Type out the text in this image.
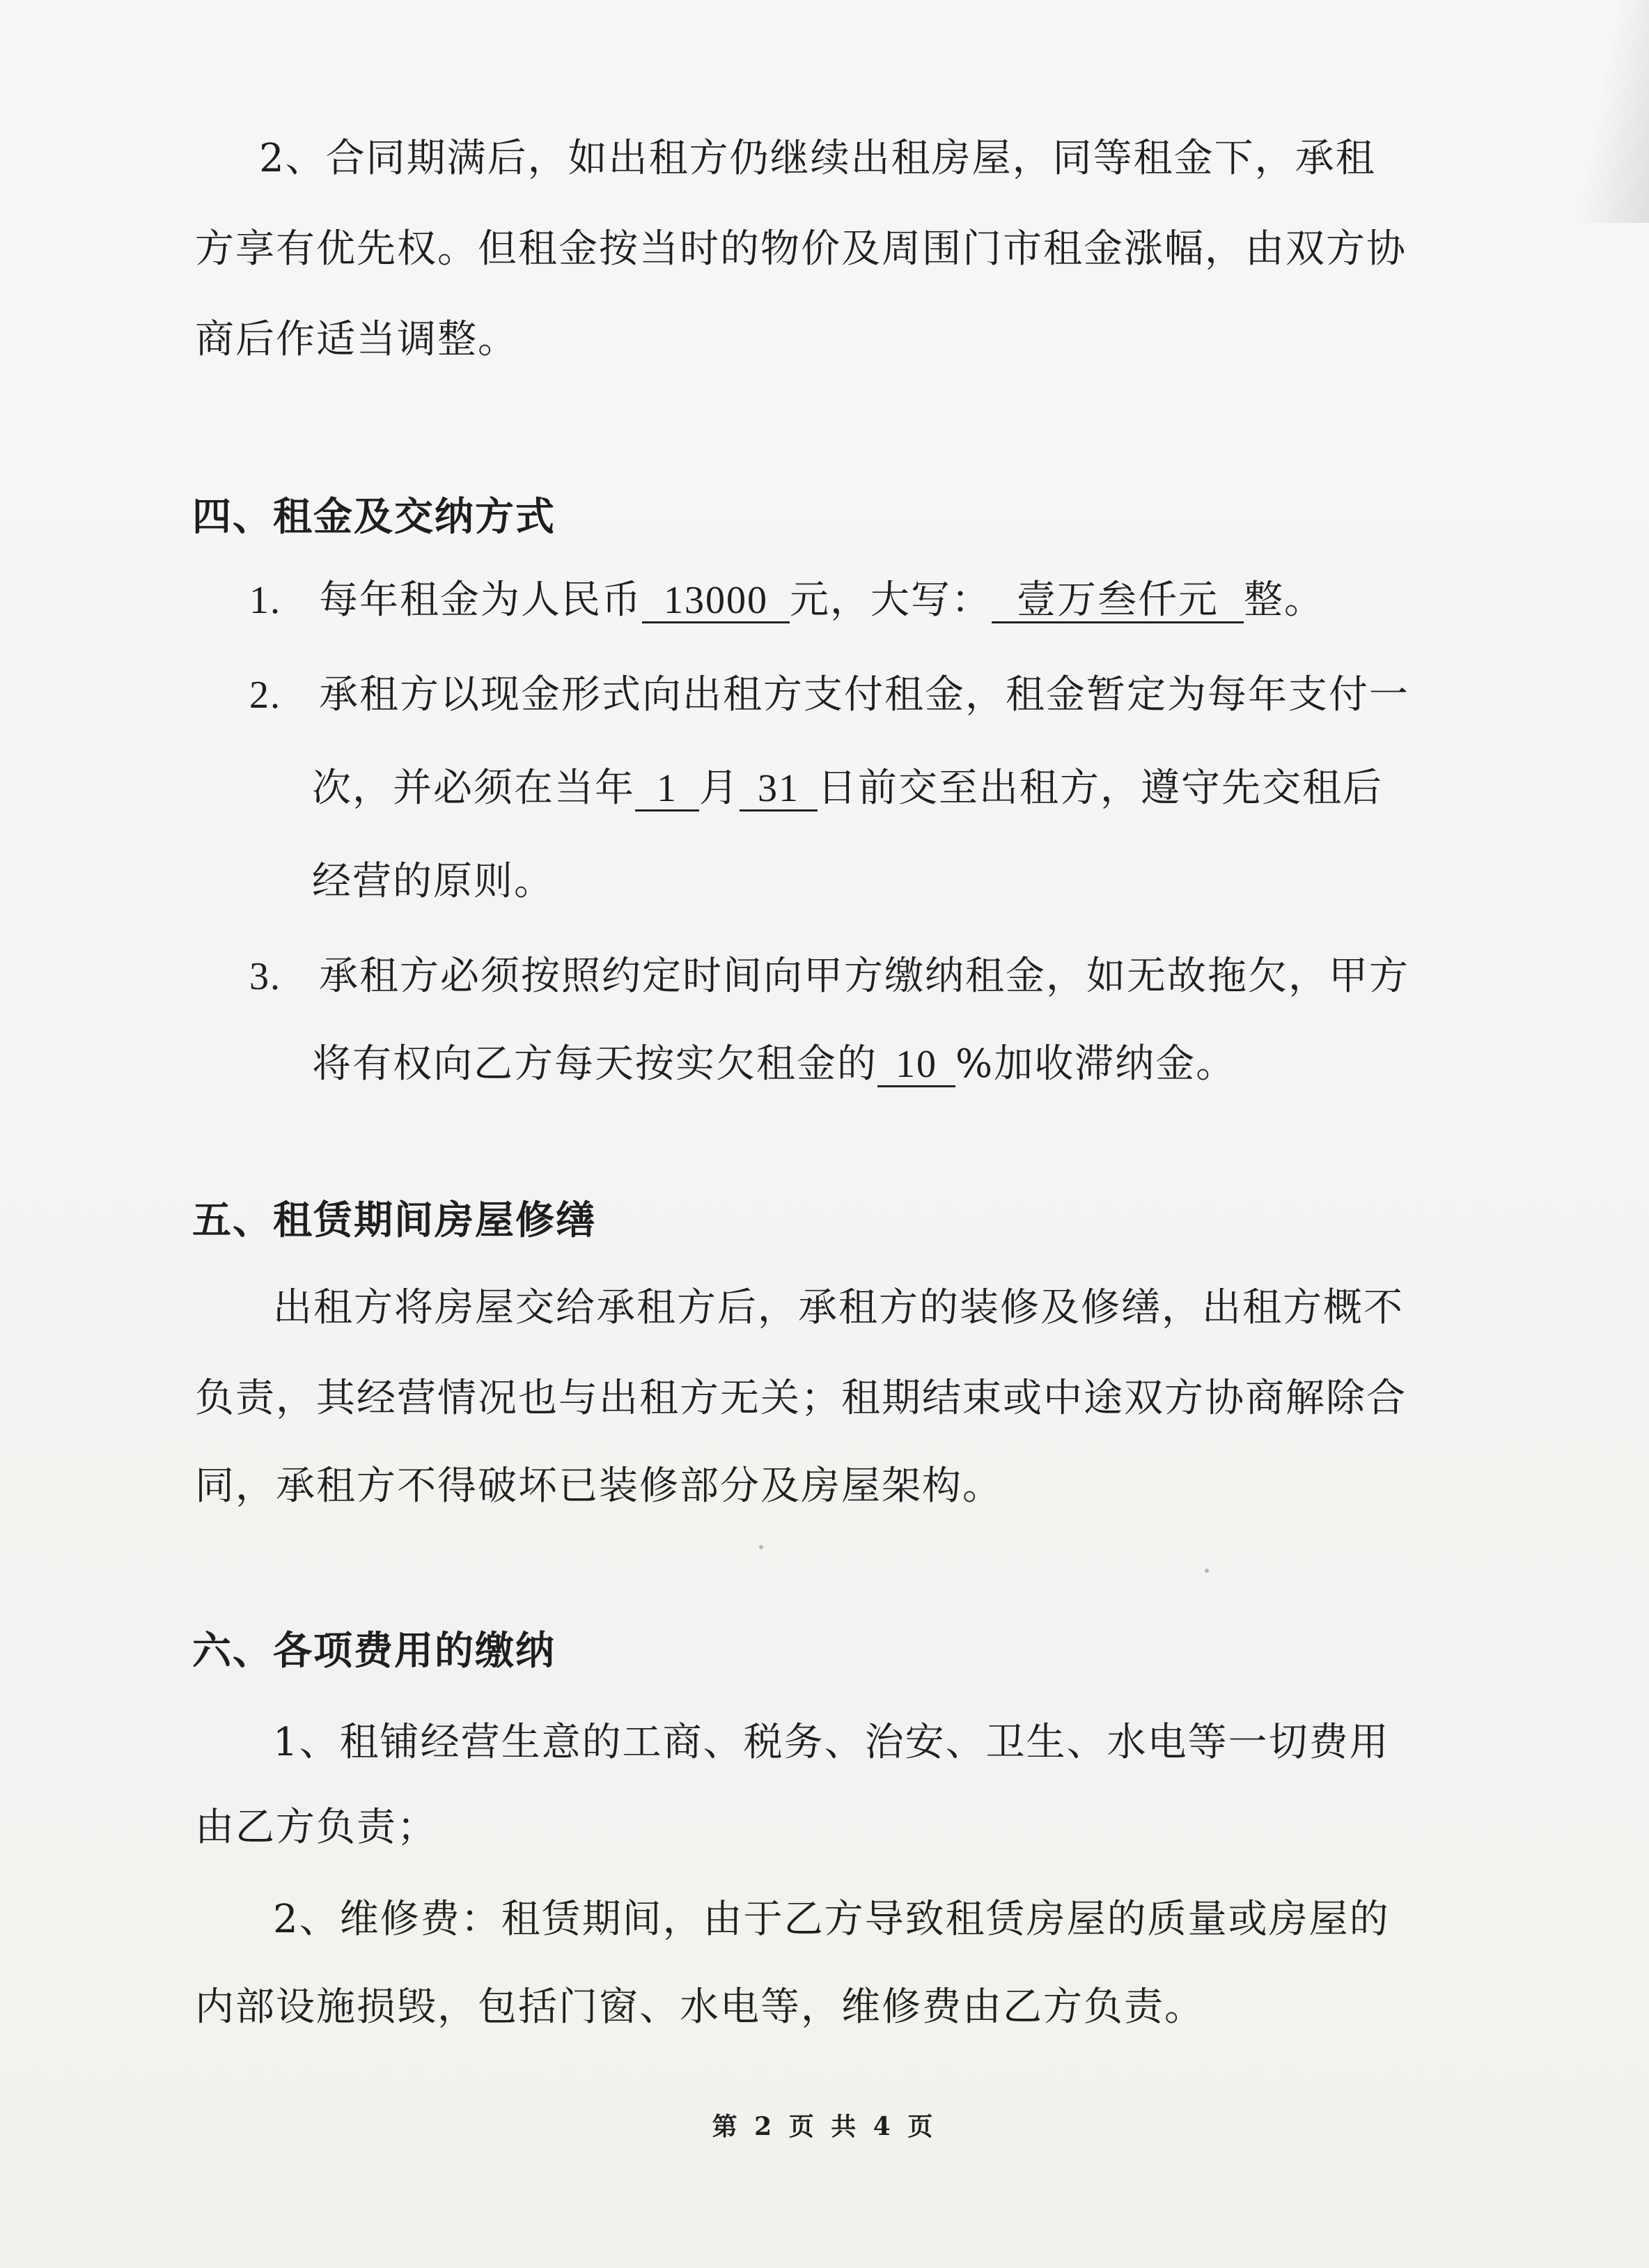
2、合同期满后，如出租方仍继续出租房屋，同等租金下，承租
方享有优先权。但租金按当时的物价及周围门市租金涨幅，由双方协
商后作适当调整。
四、租金及交纳方式
1. 每年租金为人民币 13000 元，大写： 壹万叁仟元 整。
2. 承租方以现金形式向出租方支付租金，租金暂定为每年支付一
次，并必须在当年 1 月 31 日前交至出租方，遵守先交租后
经营的原则。
3. 承租方必须按照约定时间向甲方缴纳租金，如无故拖欠，甲方
将有权向乙方每天按实欠租金的 10 %加收滞纳金。
五、租赁期间房屋修缮
出租方将房屋交给承租方后，承租方的装修及修缮，出租方概不
负责，其经营情况也与出租方无关；租期结束或中途双方协商解除合
同，承租方不得破坏已装修部分及房屋架构。
六、各项费用的缴纳
1、租铺经营生意的工商、税务、治安、卫生、水电等一切费用
由乙方负责；
2、维修费：租赁期间，由于乙方导致租赁房屋的质量或房屋的
内部设施损毁，包括门窗、水电等，维修费由乙方负责。
第 2 页 共 4 页
